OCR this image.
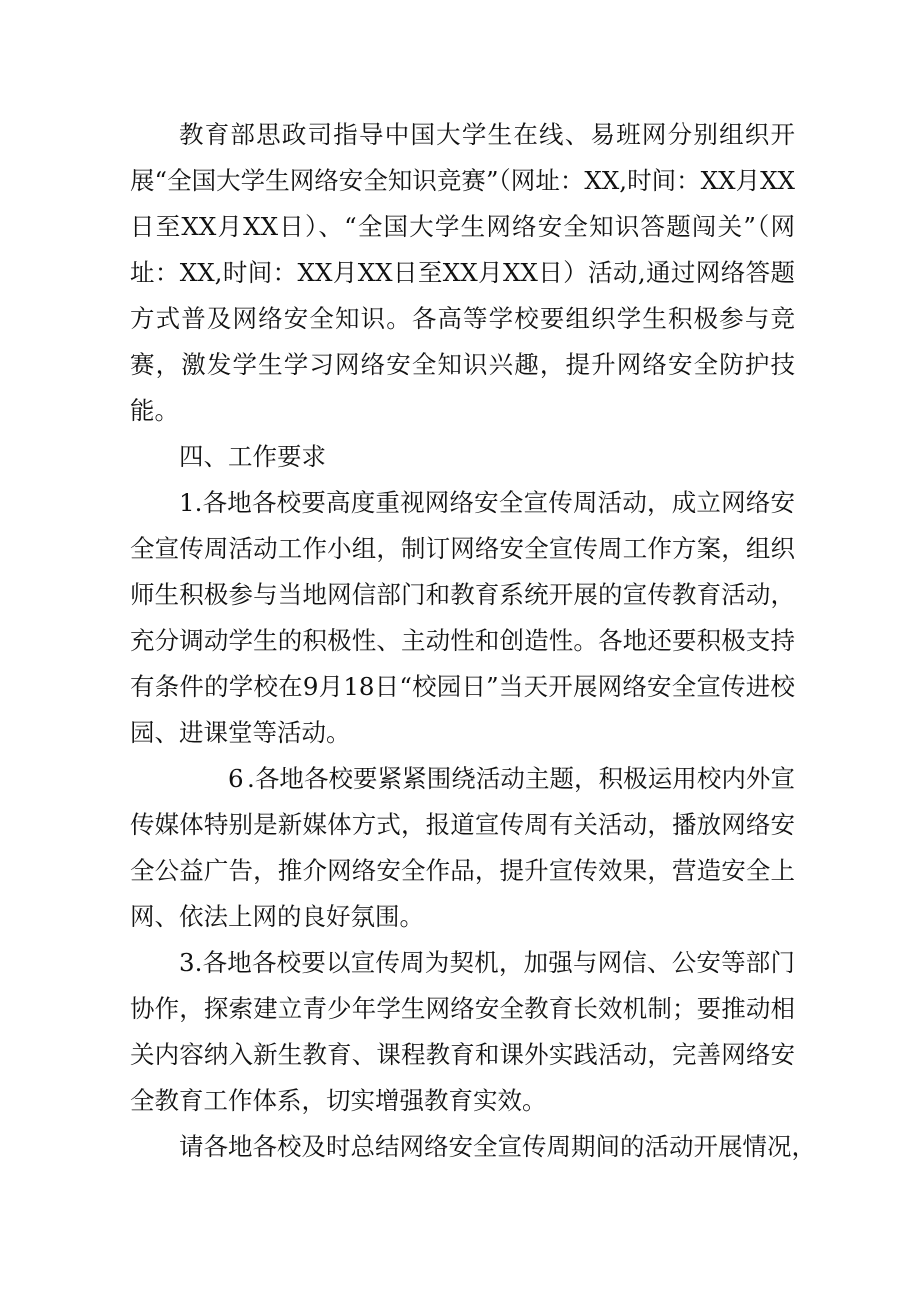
教育部思政司指导中国大学生在线、易班网分别组织开展“全国大学生网络安全知识竞赛”（网址：XX,时间：XX月XX日至XX月XX日）、“全国大学生网络安全知识答题闯关”（网址：XX,时间：XX月XX日至XX月XX日）活动,通过网络答题方式普及网络安全知识。各高等学校要组织学生积极参与竞赛，激发学生学习网络安全知识兴趣，提升网络安全防护技能。

四、工作要求

1.各地各校要高度重视网络安全宣传周活动，成立网络安全宣传周活动工作小组，制订网络安全宣传周工作方案，组织师生积极参与当地网信部门和教育系统开展的宣传教育活动，充分调动学生的积极性、主动性和创造性。各地还要积极支持有条件的学校在9月18日“校园日”当天开展网络安全宣传进校园、进课堂等活动。

6 .各地各校要紧紧围绕活动主题，积极运用校内外宣传媒体特别是新媒体方式，报道宣传周有关活动，播放网络安全公益广告，推介网络安全作品，提升宣传效果，营造安全上网、依法上网的良好氛围。

3.各地各校要以宣传周为契机，加强与网信、公安等部门协作，探索建立青少年学生网络安全教育长效机制；要推动相关内容纳入新生教育、课程教育和课外实践活动，完善网络安全教育工作体系，切实增强教育实效。

请各地各校及时总结网络安全宣传周期间的活动开展情况，
